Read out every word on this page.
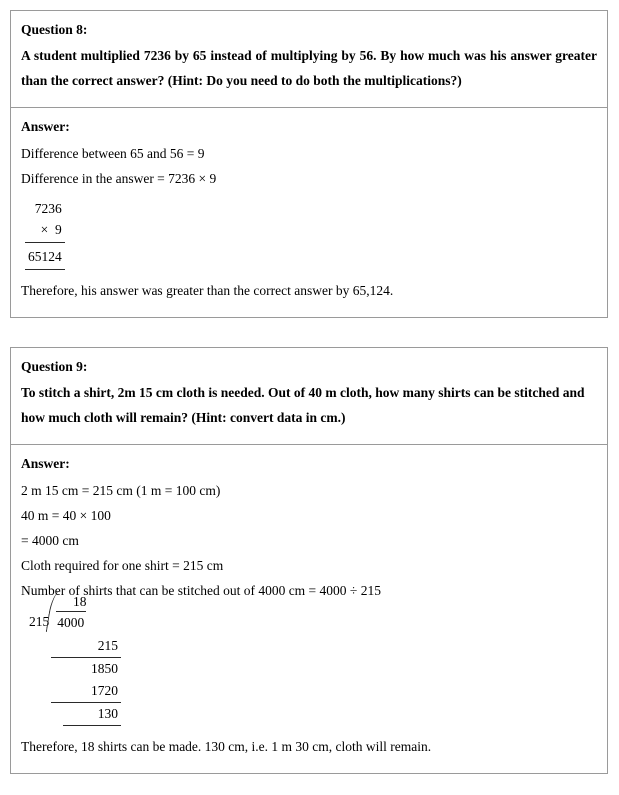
Question 8:

A student multiplied 7236 by 65 instead of multiplying by 56. By how much was his answer greater than the correct answer? (Hint: Do you need to do both the multiplications?)

Answer:

Difference between 65 and 56 = 9

Difference in the answer = 7236 × 9

7236
×  9
65124

Therefore, his answer was greater than the correct answer by 65,124.

Question 9:

To stitch a shirt, 2m 15 cm cloth is needed. Out of 40 m cloth, how many shirts can be stitched and how much cloth will remain? (Hint: convert data in cm.)

Answer:

2 m 15 cm = 215 cm (1 m = 100 cm)

40 m = 40 × 100

= 4000 cm

Cloth required for one shirt = 215 cm

Number of shirts that can be stitched out of 4000 cm = 4000 ÷ 215

18
215 4000
215
1850
1720
130

Therefore, 18 shirts can be made. 130 cm, i.e. 1 m 30 cm, cloth will remain.
